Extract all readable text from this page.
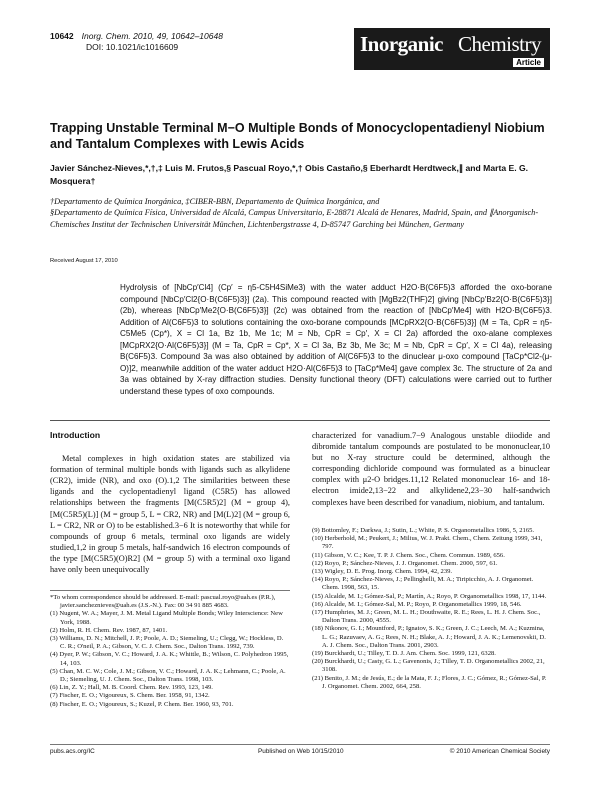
10642 Inorg. Chem. 2010, 49, 10642–10648
DOI: 10.1021/ic1016609	Inorganic Chemistry
Article
Trapping Unstable Terminal M−O Multiple Bonds of Monocyclopentadienyl Niobium and Tantalum Complexes with Lewis Acids
Javier Sánchez-Nieves,*,†,‡ Luis M. Frutos,§ Pascual Royo,*,† Obis Castaño,§ Eberhardt Herdtweck,∥ and Marta E. G. Mosquera†

†Departamento de Química Inorgánica, ‡CIBER-BBN, Departamento de Química Inorgánica, and

§Departamento de Química Física, Universidad de Alcalá, Campus Universitario, E-28871 Alcalá de Henares, Madrid, Spain, and ∥Anorganisch-Chemisches Institut der Technischen Universität München, Lichtenbergstrasse 4, D-85747 Garching bei München, Germany

Received August 17, 2010

Hydrolysis of [NbCp′Cl4] (Cp′ = η5-C5H4SiMe3) with the water adduct H2O·B(C6F5)3 afforded the oxo-borane compound [NbCp′Cl2{O·B(C6F5)3}] (2a). This compound reacted with [MgBz2(THF)2] giving [NbCp′Bz2{O·B(C6F5)3}] (2b), whereas [NbCp′Me2{O·B(C6F5)3}] (2c) was obtained from the reaction of [NbCp′Me4] with H2O·B(C6F5)3. Addition of Al(C6F5)3 to solutions containing the oxo-borane compounds [MCpRX2{O·B(C6F5)3}] (M = Ta, CpR = η5-C5Me5 (Cp*), X = Cl 1a, Bz 1b, Me 1c; M = Nb, CpR = Cp′, X = Cl 2a) afforded the oxo-alane complexes [MCpRX2{O·Al(C6F5)3}] (M = Ta, CpR = Cp*, X = Cl 3a, Bz 3b, Me 3c; M = Nb, CpR = Cp′, X = Cl 4a), releasing B(C6F5)3. Compound 3a was also obtained by addition of Al(C6F5)3 to the dinuclear μ-oxo compound [TaCp*Cl2-(μ-O)]2, meanwhile addition of the water adduct H2O·Al(C6F5)3 to [TaCp*Me4] gave complex 3c. The structure of 2a and 3a was obtained by X-ray diffraction studies. Density functional theory (DFT) calculations were carried out to further understand these types of oxo compounds.

Introduction

Metal complexes in high oxidation states are stabilized via formation of terminal multiple bonds with ligands such as alkylidene (CR2), imide (NR), and oxo (O).1,2 The similarities between these ligands and the cyclopentadienyl ligand (C5R5) has allowed relationships between the fragments [M(C5R5)2] (M = group 4), [M(C5R5)(L)] (M = group 5, L = CR2, NR) and [M(L)2] (M = group 6, L = CR2, NR or O) to be established.3−6 It is noteworthy that while for compounds of group 6 metals, terminal oxo ligands are widely studied,1,2 in group 5 metals, half-sandwich 16 electron compounds of the type [M(C5R5)(O)R2] (M = group 5) with a terminal oxo ligand have only been unequivocally

*To whom correspondence should be addressed. E-mail: pascual.royo@uah.es (P.R.), javier.sancheznieves@uah.es (J.S.-N.). Fax: 00 34 91 885 4683.

(1) Nugent, W. A.; Mayer, J. M. Metal Ligand Multiple Bonds; Wiley Interscience: New York, 1988.

(2) Holm, R. H. Chem. Rev. 1987, 87, 1401.

(3) Williams, D. N.; Mitchell, J. P.; Poole, A. D.; Siemeling, U.; Clegg, W.; Hockless, D. C. R.; O'neil, P. A.; Gibson, V. C. J. Chem. Soc., Dalton Trans. 1992, 739.

(4) Dyer, P. W.; Gibson, V. C.; Howard, J. A. K.; Whittle, B.; Wilson, C. Polyhedron 1995, 14, 103.

(5) Chan, M. C. W.; Cole, J. M.; Gibson, V. C.; Howard, J. A. K.; Lehmann, C.; Poole, A. D.; Siemeling, U. J. Chem. Soc., Dalton Trans. 1998, 103.

(6) Lin, Z. Y.; Hall, M. B. Coord. Chem. Rev. 1993, 123, 149.

(7) Fischer, E. O.; Vigoureux, S. Chem. Ber. 1958, 91, 1342.

(8) Fischer, E. O.; Vigoureux, S.; Kuzel, P. Chem. Ber. 1960, 93, 701.

characterized for vanadium.7−9 Analogous unstable diiodide and dibromide tantalum compounds are postulated to be mononuclear,10 but no X-ray structure could be determined, although the corresponding dichloride compound was formulated as a binuclear complex with μ2-O bridges.11,12 Related mononuclear 16- and 18-electron imide2,13−22 and alkylidene2,23−30 half-sandwich complexes have been described for vanadium, niobium, and tantalum.

(9) Bottomley, F.; Darkwa, J.; Sutin, L.; White, P. S. Organometallics 1986, 5, 2165.

(10) Herberhold, M.; Peukert, J.; Milius, W. J. Prakt. Chem., Chem. Zeitung 1999, 341, 797.

(11) Gibson, V. C.; Kee, T. P. J. Chem. Soc., Chem. Commun. 1989, 656.

(12) Royo, P.; Sánchez-Nieves, J. J. Organomet. Chem. 2000, 597, 61.

(13) Wigley, D. E. Prog. Inorg. Chem. 1994, 42, 239.

(14) Royo, P.; Sánchez-Nieves, J.; Pellinghelli, M. A.; Tiripicchio, A. J. Organomet. Chem. 1998, 563, 15.

(15) Alcalde, M. I.; Gómez-Sal, P.; Martín, A.; Royo, P. Organometallics 1998, 17, 1144.

(16) Alcalde, M. I.; Gómez-Sal, M. P.; Royo, P. Organometallics 1999, 18, 546.

(17) Humphries, M. J.; Green, M. L. H.; Douthwaite, R. E.; Rees, L. H. J. Chem. Soc., Dalton Trans. 2000, 4555.

(18) Nikonov, G. I.; Mountford, P.; Ignatov, S. K.; Green, J. C.; Leech, M. A.; Kuzmina, L. G.; Razuvaev, A. G.; Rees, N. H.; Blake, A. J.; Howard, J. A. K.; Lemenovskii, D. A. J. Chem. Soc., Dalton Trans. 2001, 2903.

(19) Burckhardt, U.; Tilley, T. D. J. Am. Chem. Soc. 1999, 121, 6328.

(20) Burckhardt, U.; Casty, G. L.; Gavenonis, J.; Tilley, T. D. Organometallics 2002, 21, 3108.

(21) Benito, J. M.; de Jesús, E.; de la Mata, F. J.; Flores, J. C.; Gómez, R.; Gómez-Sal, P. J. Organomet. Chem. 2002, 664, 258.

pubs.acs.org/IC	Published on Web 10/15/2010	© 2010 American Chemical Society
